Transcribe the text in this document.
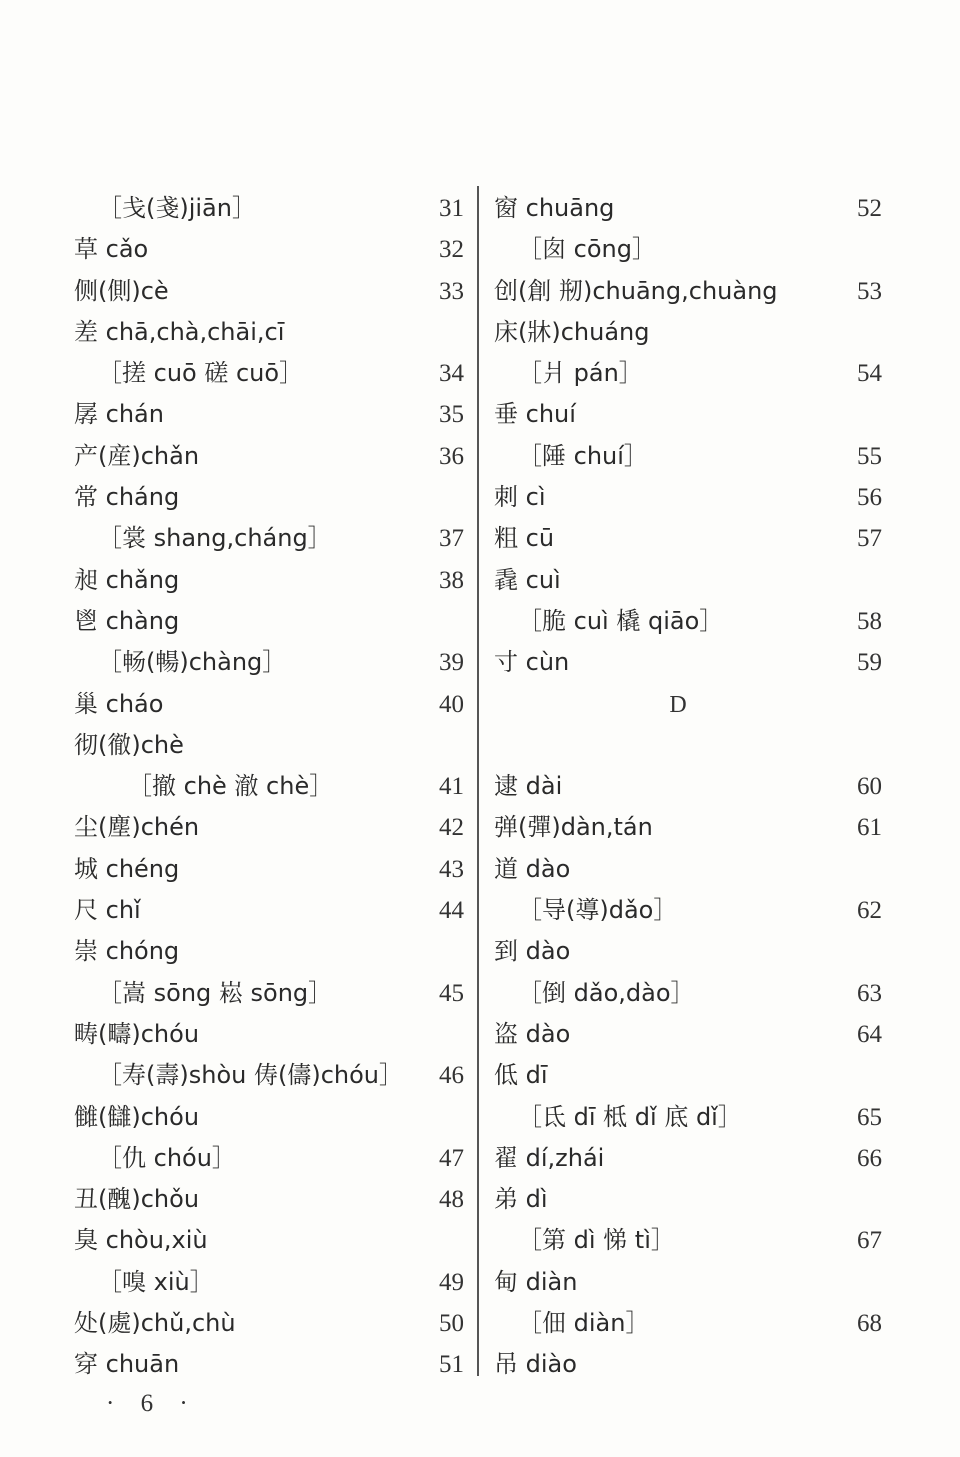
［戋(戔)jiān］	31
草 cǎo	32
侧(側)cè	33
差 chā,chà,chāi,cī
［搓 cuō 磋 cuō］	34
孱 chán	35
产(産)chǎn	36
常 cháng
［裳 shang,cháng］	37
昶 chǎng	38
鬯 chàng
［畅(暢)chàng］	39
巢 cháo	40
彻(徹)chè
［撤 chè 澈 chè］	41
尘(塵)chén	42
城 chéng	43
尺 chǐ	44
崇 chóng
［嵩 sōng 崧 sōng］	45
畴(疇)chóu
［寿(壽)shòu 俦(儔)chóu］ 46
雠(讎)chóu
［仇 chóu］	47
丑(醜)chǒu	48
臭 chòu,xiù
［嗅 xiù］	49
处(處)chǔ,chù	50
穿 chuān	51
窗 chuāng	52
［囱 cōng］
创(創 剏)chuāng,chuàng	53
床(牀)chuáng
［爿 pán］	54
垂 chuí
［陲 chuí］	55
刺 cì	56
粗 cū	57
毳 cuì
［脆 cuì 橇 qiāo］	58
寸 cùn	59
D
逮 dài	60
弹(彈)dàn,tán	61
道 dào
［导(導)dǎo］	62
到 dào
［倒 dǎo,dào］	63
盗 dào	64
低 dī
［氐 dī 柢 dǐ 底 dǐ］	65
翟 dí,zhái	66
弟 dì
［第 dì 悌 tì］	67
甸 diàn
［佃 diàn］	68
吊 diào
· 6 ·
